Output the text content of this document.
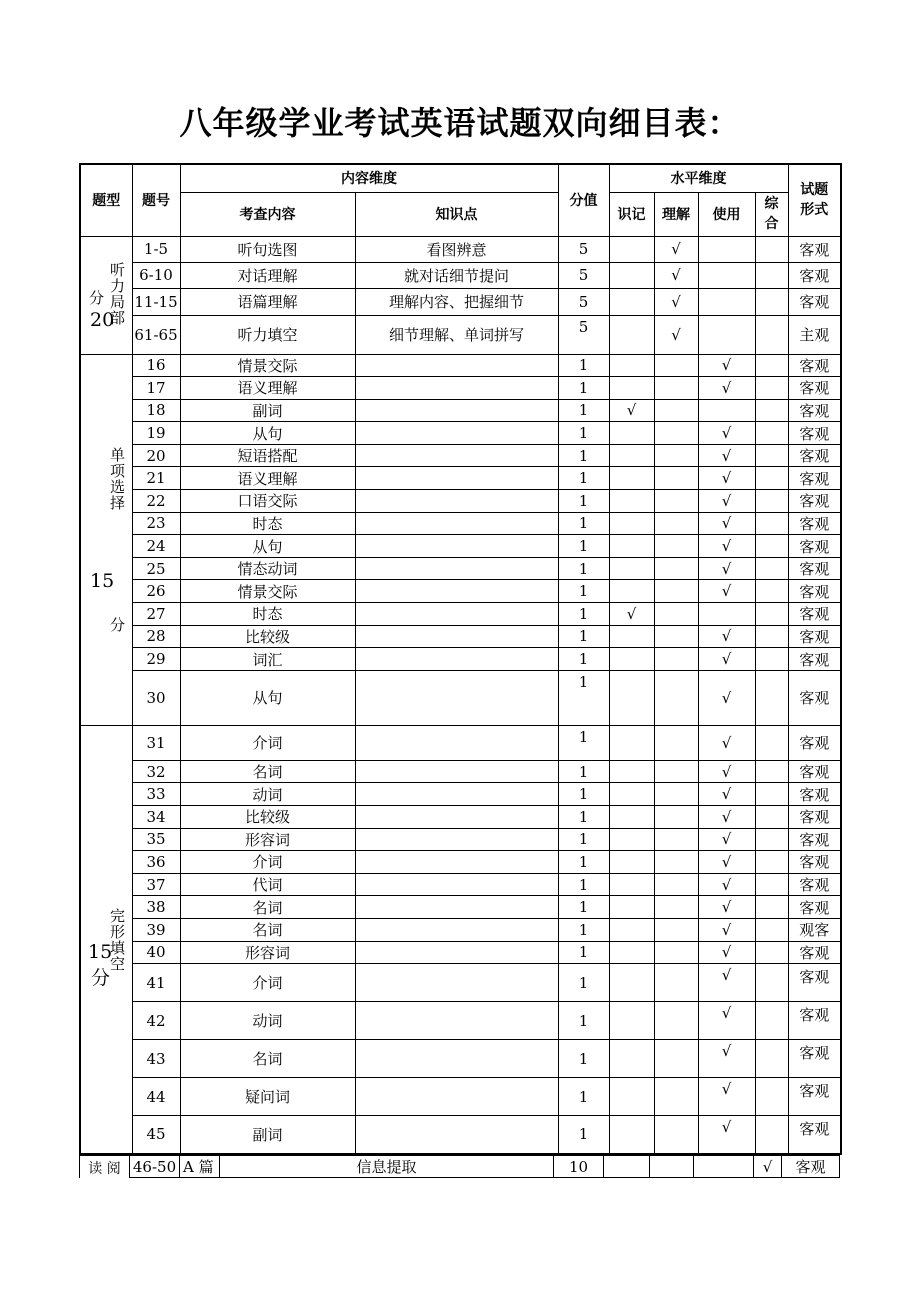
八年级学业考试英语试题双向细目表：
题型	题号	内容维度		分值	水平维度				试题形式
		考查内容	知识点		识记	理解	使用	综合	
	1-5	听句选图	看图辨意	5		√			客观
	6-10	对话理解	就对话细节提问	5		√			客观
	11-15	语篇理解	理解内容、把握细节	5		√			客观
	61-65	听力填空	细节理解、单词拼写	5		√			主观
	16	情景交际		1			√		客观
	17	语义理解		1			√		客观
	18	副词		1	√				客观
	19	从句		1			√		客观
	20	短语搭配		1			√		客观
	21	语义理解		1			√		客观
	22	口语交际		1			√		客观
	23	时态		1			√		客观
	24	从句		1			√		客观
	25	情态动词		1			√		客观
	26	情景交际		1			√		客观
	27	时态		1	√				客观
	28	比较级		1			√		客观
	29	词汇		1			√		客观
	30	从句		1			√		客观
	31	介词		1			√		客观
	32	名词		1			√		客观
	33	动词		1			√		客观
	34	比较级		1			√		客观
	35	形容词		1			√		客观
	36	介词		1			√		客观
	37	代词		1			√		客观
	38	名词		1			√		客观
	39	名词		1			√		观客
	40	形容词		1			√		客观
	41	介词		1			√		客观
	42	动词		1			√		客观
	43	名词		1			√		客观
	44	疑问词		1			√		客观
	45	副词		1			√		客观
读 阅	46-50	A 篇	信息提取	10				√	客观
听力局部
分
20
单项选择
15
分
完形填空
15
分
